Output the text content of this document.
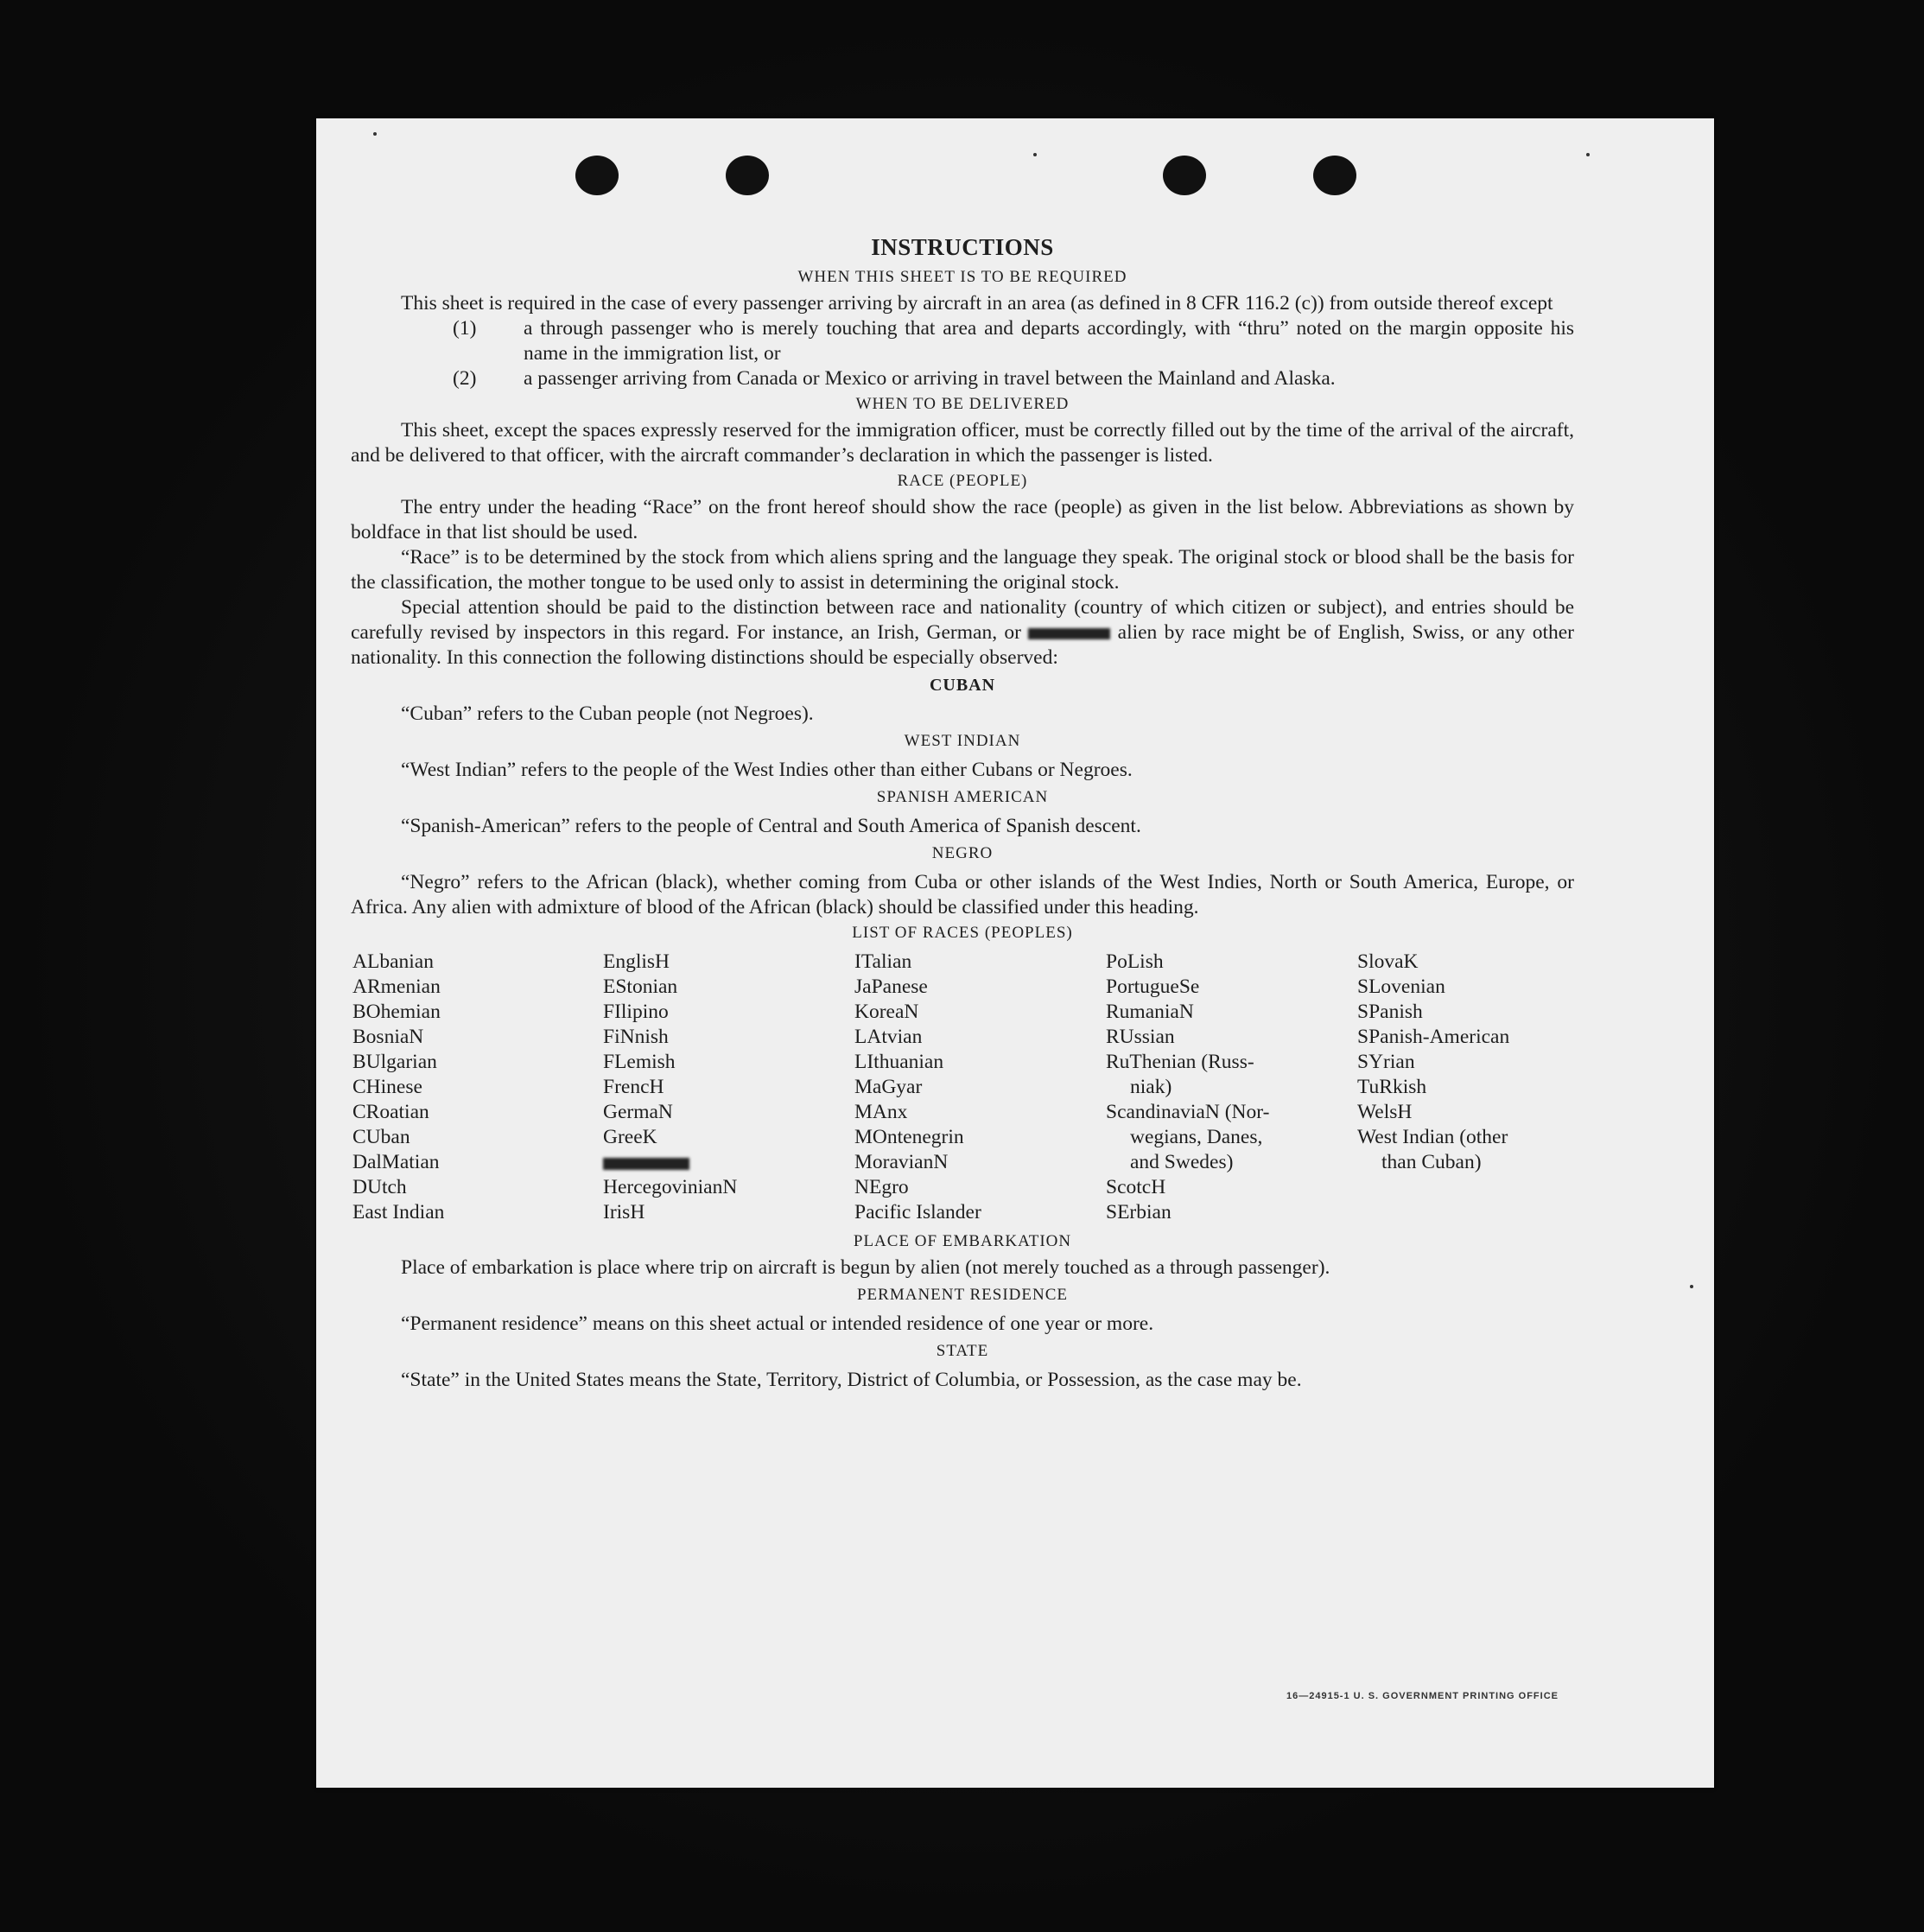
INSTRUCTIONS
WHEN THIS SHEET IS TO BE REQUIRED

This sheet is required in the case of every passenger arriving by aircraft in an area (as defined in 8 CFR 116.2 (c)) from outside thereof except

(1) a through passenger who is merely touching that area and departs accordingly, with “thru” noted on the margin opposite his name in the immigration list, or

(2) a passenger arriving from Canada or Mexico or arriving in travel between the Mainland and Alaska.

WHEN TO BE DELIVERED

This sheet, except the spaces expressly reserved for the immigration officer, must be correctly filled out by the time of the arrival of the aircraft, and be delivered to that officer, with the aircraft commander’s declaration in which the passenger is listed.

RACE (PEOPLE)

The entry under the heading “Race” on the front hereof should show the race (people) as given in the list below. Abbreviations as shown by boldface in that list should be used.

“Race” is to be determined by the stock from which aliens spring and the language they speak. The original stock or blood shall be the basis for the classification, the mother tongue to be used only to assist in determining the original stock.

Special attention should be paid to the distinction between race and nationality (country of which citizen or subject), and entries should be carefully revised by inspectors in this regard. For instance, an Irish, German, or	alien by race might be of English, Swiss, or any other nationality. In this connection the following distinctions should be especially observed:

CUBAN

“Cuban” refers to the Cuban people (not Negroes).

WEST INDIAN

“West Indian” refers to the people of the West Indies other than either Cubans or Negroes.

SPANISH AMERICAN

“Spanish-American” refers to the people of Central and South America of Spanish descent.

NEGRO

“Negro” refers to the African (black), whether coming from Cuba or other islands of the West Indies, North or South America, Europe, or Africa. Any alien with admixture of blood of the African (black) should be classified under this heading.

LIST OF RACES (PEOPLES)
ALbanian
ARmenian
BOhemian
BosniaN
BUlgarian
CHinese
CRoatian
CUban
DalMatian
DUtch
East Indian
EnglisH
EStonian
FIlipino
FiNnish
FLemish
FrencH
GermaN
GreeK
HercegovinianN
IrisH
ITalian
JaPanese
KoreaN
LAtvian
LIthuanian
MaGyar
MAnx
MOntenegrin
MoravianN
NEgro
Pacific Islander
PoLish
PortugueSe
RumaniaN
RUssian
RuThenian (Russ-
niak)
ScandinaviaN (Nor-
wegians, Danes,
and Swedes)
ScotcH
SErbian
SlovaK
SLovenian
SPanish
SPanish-American
SYrian
TuRkish
WelsH
West Indian (other
than Cuban)
PLACE OF EMBARKATION

Place of embarkation is place where trip on aircraft is begun by alien (not merely touched as a through passenger).

PERMANENT RESIDENCE

“Permanent residence” means on this sheet actual or intended residence of one year or more.

STATE

“State” in the United States means the State, Territory, District of Columbia, or Possession, as the case may be.

16—24915-1 U. S. GOVERNMENT PRINTING OFFICE
